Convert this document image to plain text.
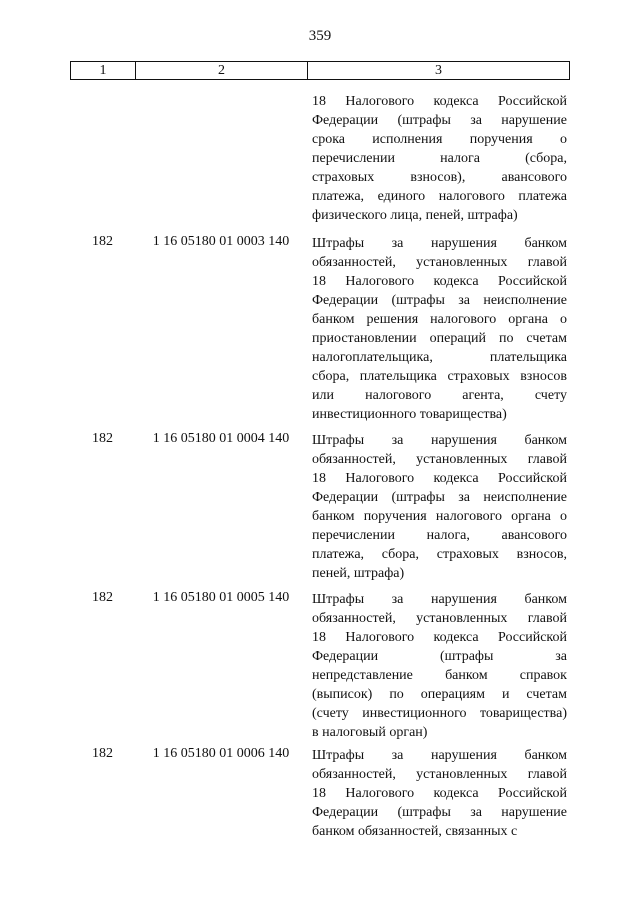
359
1	2	3
18 Налогового кодекса Российской
Федерации (штрафы за нарушение
срока исполнения поручения о
перечислении	налога	(сбора,
страховых	взносов),	авансового
платежа, единого налогового платежа
физического лица, пеней, штрафа)
182	1 16 05180 01 0003 140	Штрафы за нарушения банком
обязанностей, установленных главой
18 Налогового кодекса Российской
Федерации (штрафы за неисполнение
банком решения налогового органа о
приостановлении операций по счетам
налогоплательщика,	плательщика
сбора, плательщика страховых взносов
или налогового агента, счету
инвестиционного товарищества)
182	1 16 05180 01 0004 140	Штрафы за нарушения банком
обязанностей, установленных главой
18 Налогового кодекса Российской
Федерации (штрафы за неисполнение
банком поручения налогового органа о
перечислении налога, авансового
платежа, сбора, страховых взносов,
пеней, штрафа)
182	1 16 05180 01 0005 140	Штрафы за нарушения банком
обязанностей, установленных главой
18 Налогового кодекса Российской
Федерации	(штрафы	за
непредставление банком справок
(выписок) по операциям и счетам
(счету инвестиционного товарищества)
в налоговый орган)
182	1 16 05180 01 0006 140	Штрафы за нарушения банком
обязанностей, установленных главой
18 Налогового кодекса Российской
Федерации (штрафы за нарушение
банком обязанностей, связанных с
